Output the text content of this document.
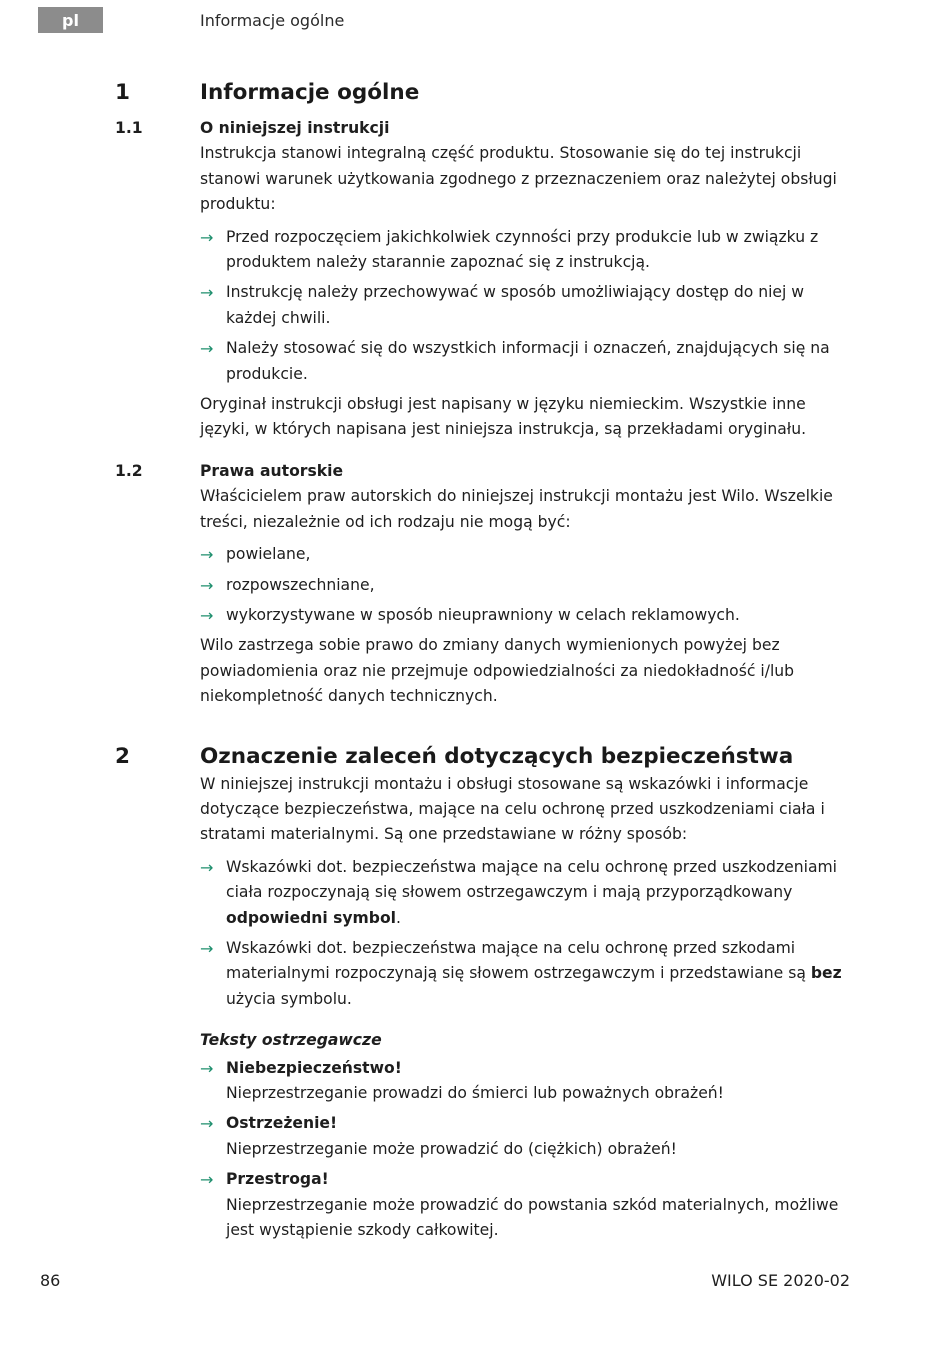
pl	Informacje ogólne
1	Informacje ogólne
1.1	O niniejszej instrukcji

Instrukcja stanowi integralną część produktu. Stosowanie się do tej instrukcji stanowi warunek użytkowania zgodnego z przeznaczeniem oraz należytej obsługi produktu:

→ Przed rozpoczęciem jakichkolwiek czynności przy produkcie lub w związku z produktem należy starannie zapoznać się z instrukcją.
→ Instrukcję należy przechowywać w sposób umożliwiający dostęp do niej w każdej chwili.
→ Należy stosować się do wszystkich informacji i oznaczeń, znajdujących się na produkcie.

Oryginał instrukcji obsługi jest napisany w języku niemieckim. Wszystkie inne języki, w których napisana jest niniejsza instrukcja, są przekładami oryginału.

1.2	Prawa autorskie

Właścicielem praw autorskich do niniejszej instrukcji montażu jest Wilo. Wszelkie treści, niezależnie od ich rodzaju nie mogą być:

→ powielane,
→ rozpowszechniane,
→ wykorzystywane w sposób nieuprawniony w celach reklamowych.

Wilo zastrzega sobie prawo do zmiany danych wymienionych powyżej bez powiadomienia oraz nie przejmuje odpowiedzialności za niedokładność i/lub niekompletność danych technicznych.

2	Oznaczenie zaleceń dotyczących bezpieczeństwa

W niniejszej instrukcji montażu i obsługi stosowane są wskazówki i informacje dotyczące bezpieczeństwa, mające na celu ochronę przed uszkodzeniami ciała i stratami materialnymi. Są one przedstawiane w różny sposób:

→ Wskazówki dot. bezpieczeństwa mające na celu ochronę przed uszkodzeniami ciała rozpoczynają się słowem ostrzegawczym i mają przyporządkowany odpowiedni symbol.
→ Wskazówki dot. bezpieczeństwa mające na celu ochronę przed szkodami materialnymi rozpoczynają się słowem ostrzegawczym i przedstawiane są bez użycia symbolu.
Teksty ostrzegawcze
→ Niebezpieczeństwo!
Nieprzestrzeganie prowadzi do śmierci lub poważnych obrażeń!
→ Ostrzeżenie!
Nieprzestrzeganie może prowadzić do (ciężkich) obrażeń!
→ Przestroga!
Nieprzestrzeganie może prowadzić do powstania szkód materialnych, możliwe jest wystąpienie szkody całkowitej.
86	WILO SE 2020-02
